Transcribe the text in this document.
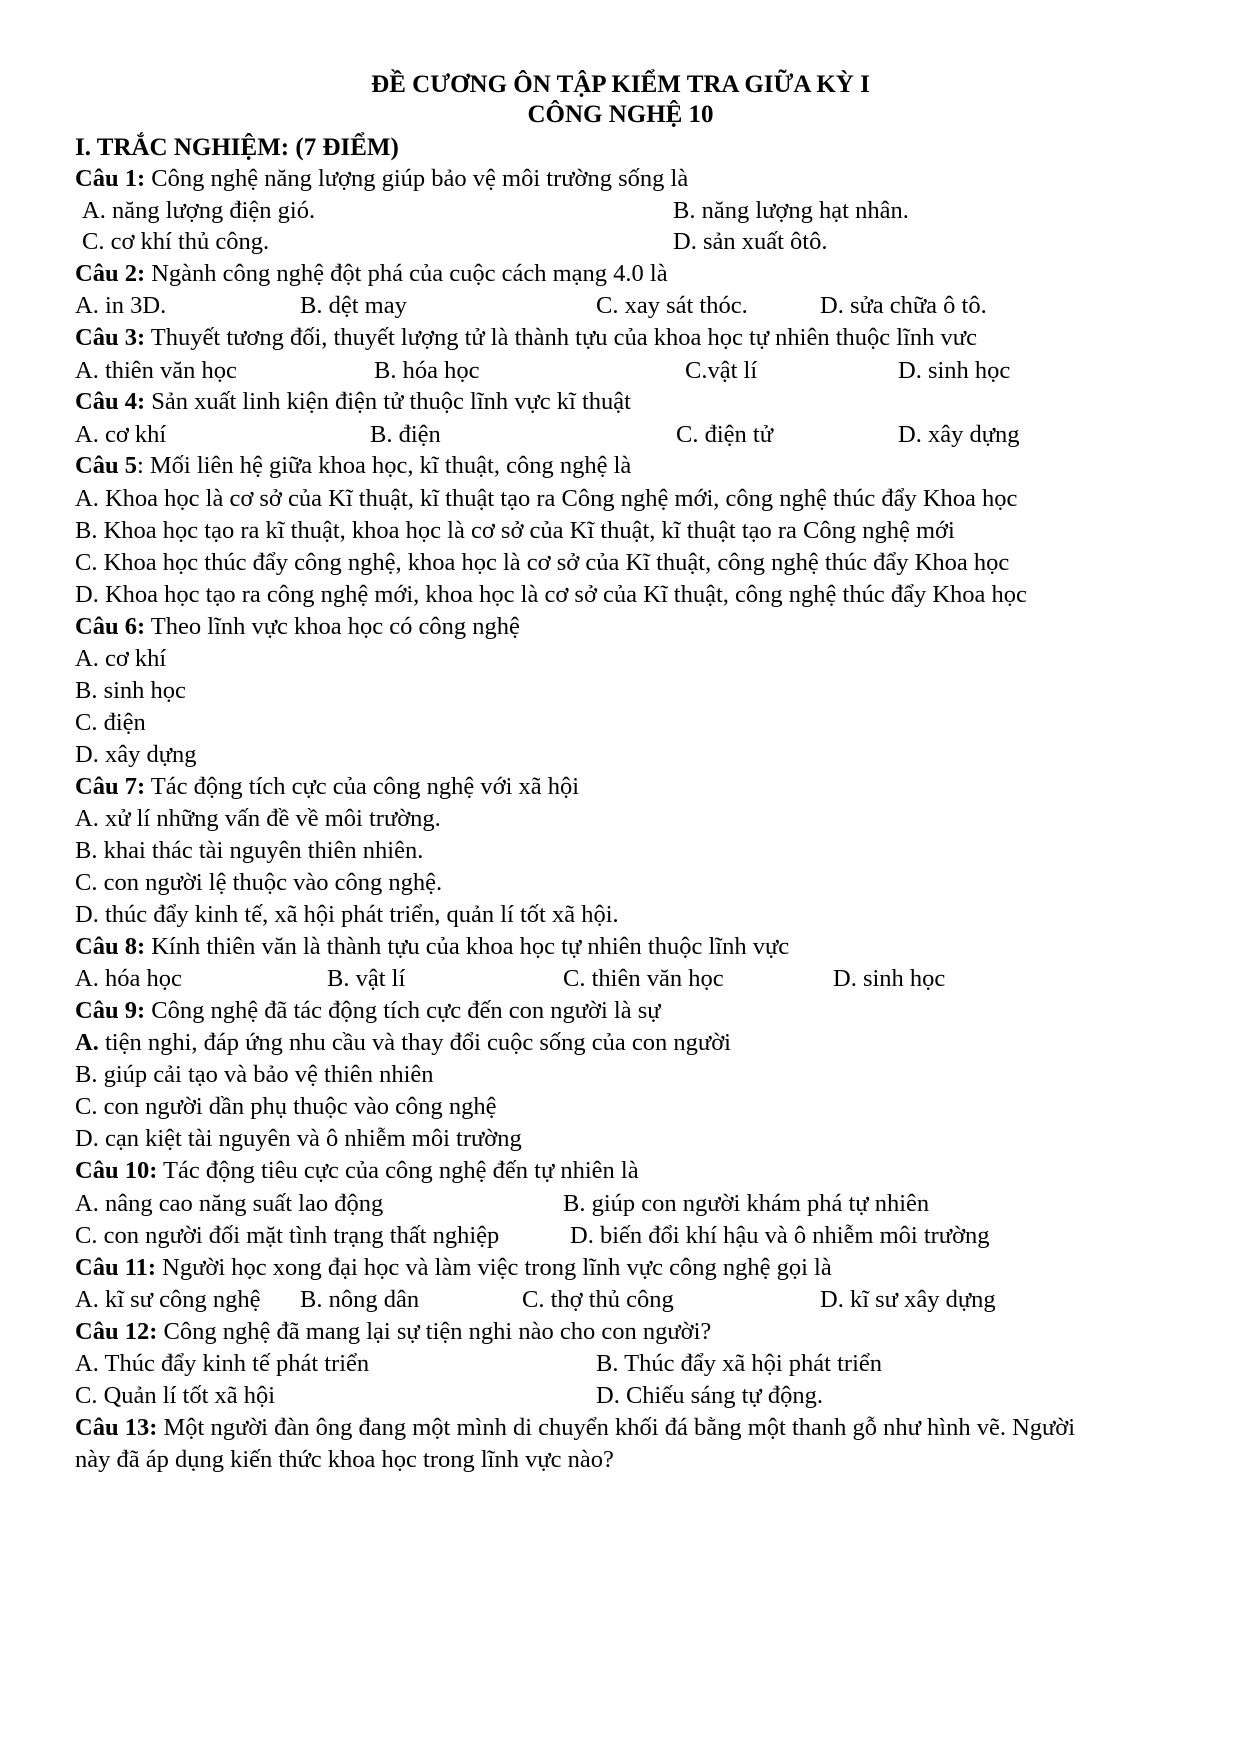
ĐỀ CƯƠNG ÔN TẬP KIỂM TRA GIỮA KỲ I
CÔNG NGHỆ 10
I. TRẮC NGHIỆM: (7 ĐIỂM)
Câu 1: Công nghệ năng lượng giúp bảo vệ môi trường sống là
A. năng lượng điện gió.	B. năng lượng hạt nhân.
C. cơ khí thủ công.	D. sản xuất ôtô.
Câu 2: Ngành công nghệ đột phá của cuộc cách mạng 4.0 là
A. in 3D.	B. dệt may	C. xay sát thóc.	D. sửa chữa ô tô.
Câu 3: Thuyết tương đối, thuyết lượng tử là thành tựu của khoa học tự nhiên thuộc lĩnh vưc
A. thiên văn học	B. hóa học	C.vật lí	D. sinh học
Câu 4: Sản xuất linh kiện điện tử thuộc lĩnh vực kĩ thuật
A. cơ khí	B. điện	C. điện tử	D. xây dựng
Câu 5: Mối liên hệ giữa khoa học, kĩ thuật, công nghệ là
A. Khoa học là cơ sở của Kĩ thuật, kĩ thuật tạo ra Công nghệ mới, công nghệ thúc đẩy Khoa học
B. Khoa học tạo ra kĩ thuật, khoa học là cơ sở của Kĩ thuật, kĩ thuật tạo ra Công nghệ mới
C. Khoa học thúc đẩy công nghệ, khoa học là cơ sở của Kĩ thuật, công nghệ thúc đẩy Khoa học
D. Khoa học tạo ra công nghệ mới, khoa học là cơ sở của Kĩ thuật, công nghệ thúc đẩy Khoa học
Câu 6: Theo lĩnh vực khoa học có công nghệ
A. cơ khí
B. sinh học
C. điện
D. xây dựng
Câu 7: Tác động tích cực của công nghệ với xã hội
A. xử lí những vấn đề về môi trường.
B. khai thác tài nguyên thiên nhiên.
C. con người lệ thuộc vào công nghệ.
D. thúc đẩy kinh tế, xã hội phát triển, quản lí tốt xã hội.
Câu 8: Kính thiên văn là thành tựu của khoa học tự nhiên thuộc lĩnh vực
A. hóa học	B. vật lí	C. thiên văn học	D. sinh học
Câu 9: Công nghệ đã tác động tích cực đến con người là sự
A. tiện nghi, đáp ứng nhu cầu và thay đổi cuộc sống của con người
B. giúp cải tạo và bảo vệ thiên nhiên
C. con người dần phụ thuộc vào công nghệ
D. cạn kiệt tài nguyên và ô nhiễm môi trường
Câu 10: Tác động tiêu cực của công nghệ đến tự nhiên là
A. nâng cao năng suất lao động	B. giúp con người khám phá tự nhiên
C. con người đối mặt tình trạng thất nghiệp	D. biến đổi khí hậu và ô nhiễm môi trường
Câu 11: Người học xong đại học và làm việc trong lĩnh vực công nghệ gọi là
A. kĩ sư công nghệ B. nông dân	C. thợ thủ công	D. kĩ sư xây dựng
Câu 12: Công nghệ đã mang lại sự tiện nghi nào cho con người?
A. Thúc đẩy kinh tế phát triển	B. Thúc đẩy xã hội phát triển
C. Quản lí tốt xã hội	D. Chiếu sáng tự động.
Câu 13: Một người đàn ông đang một mình di chuyển khối đá bằng một thanh gỗ như hình vẽ. Người
này đã áp dụng kiến thức khoa học trong lĩnh vực nào?
